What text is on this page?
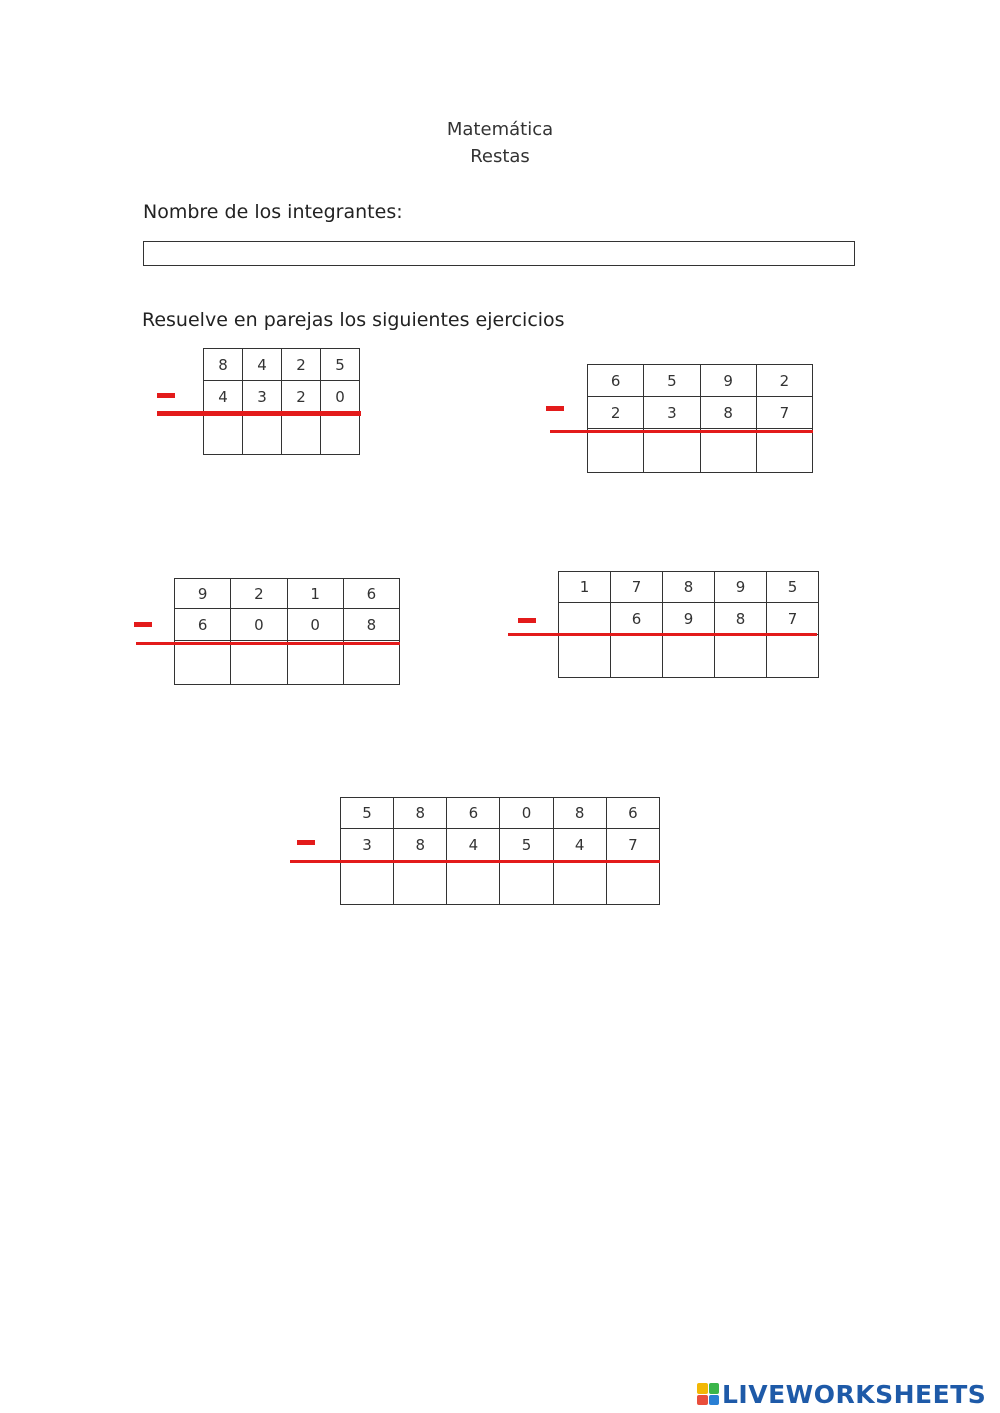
Matemática
Restas
Nombre de los integrantes:
Resuelve en parejas los siguientes ejercicios
8	4	2	5
4	3	2	0

6	5	9	2
2	3	8	7

9	2	1	6
6	0	0	8

1	7	8	9	5
	6	9	8	7

5	8	6	0	8	6
3	8	4	5	4	7

LIVEWORKSHEETS
